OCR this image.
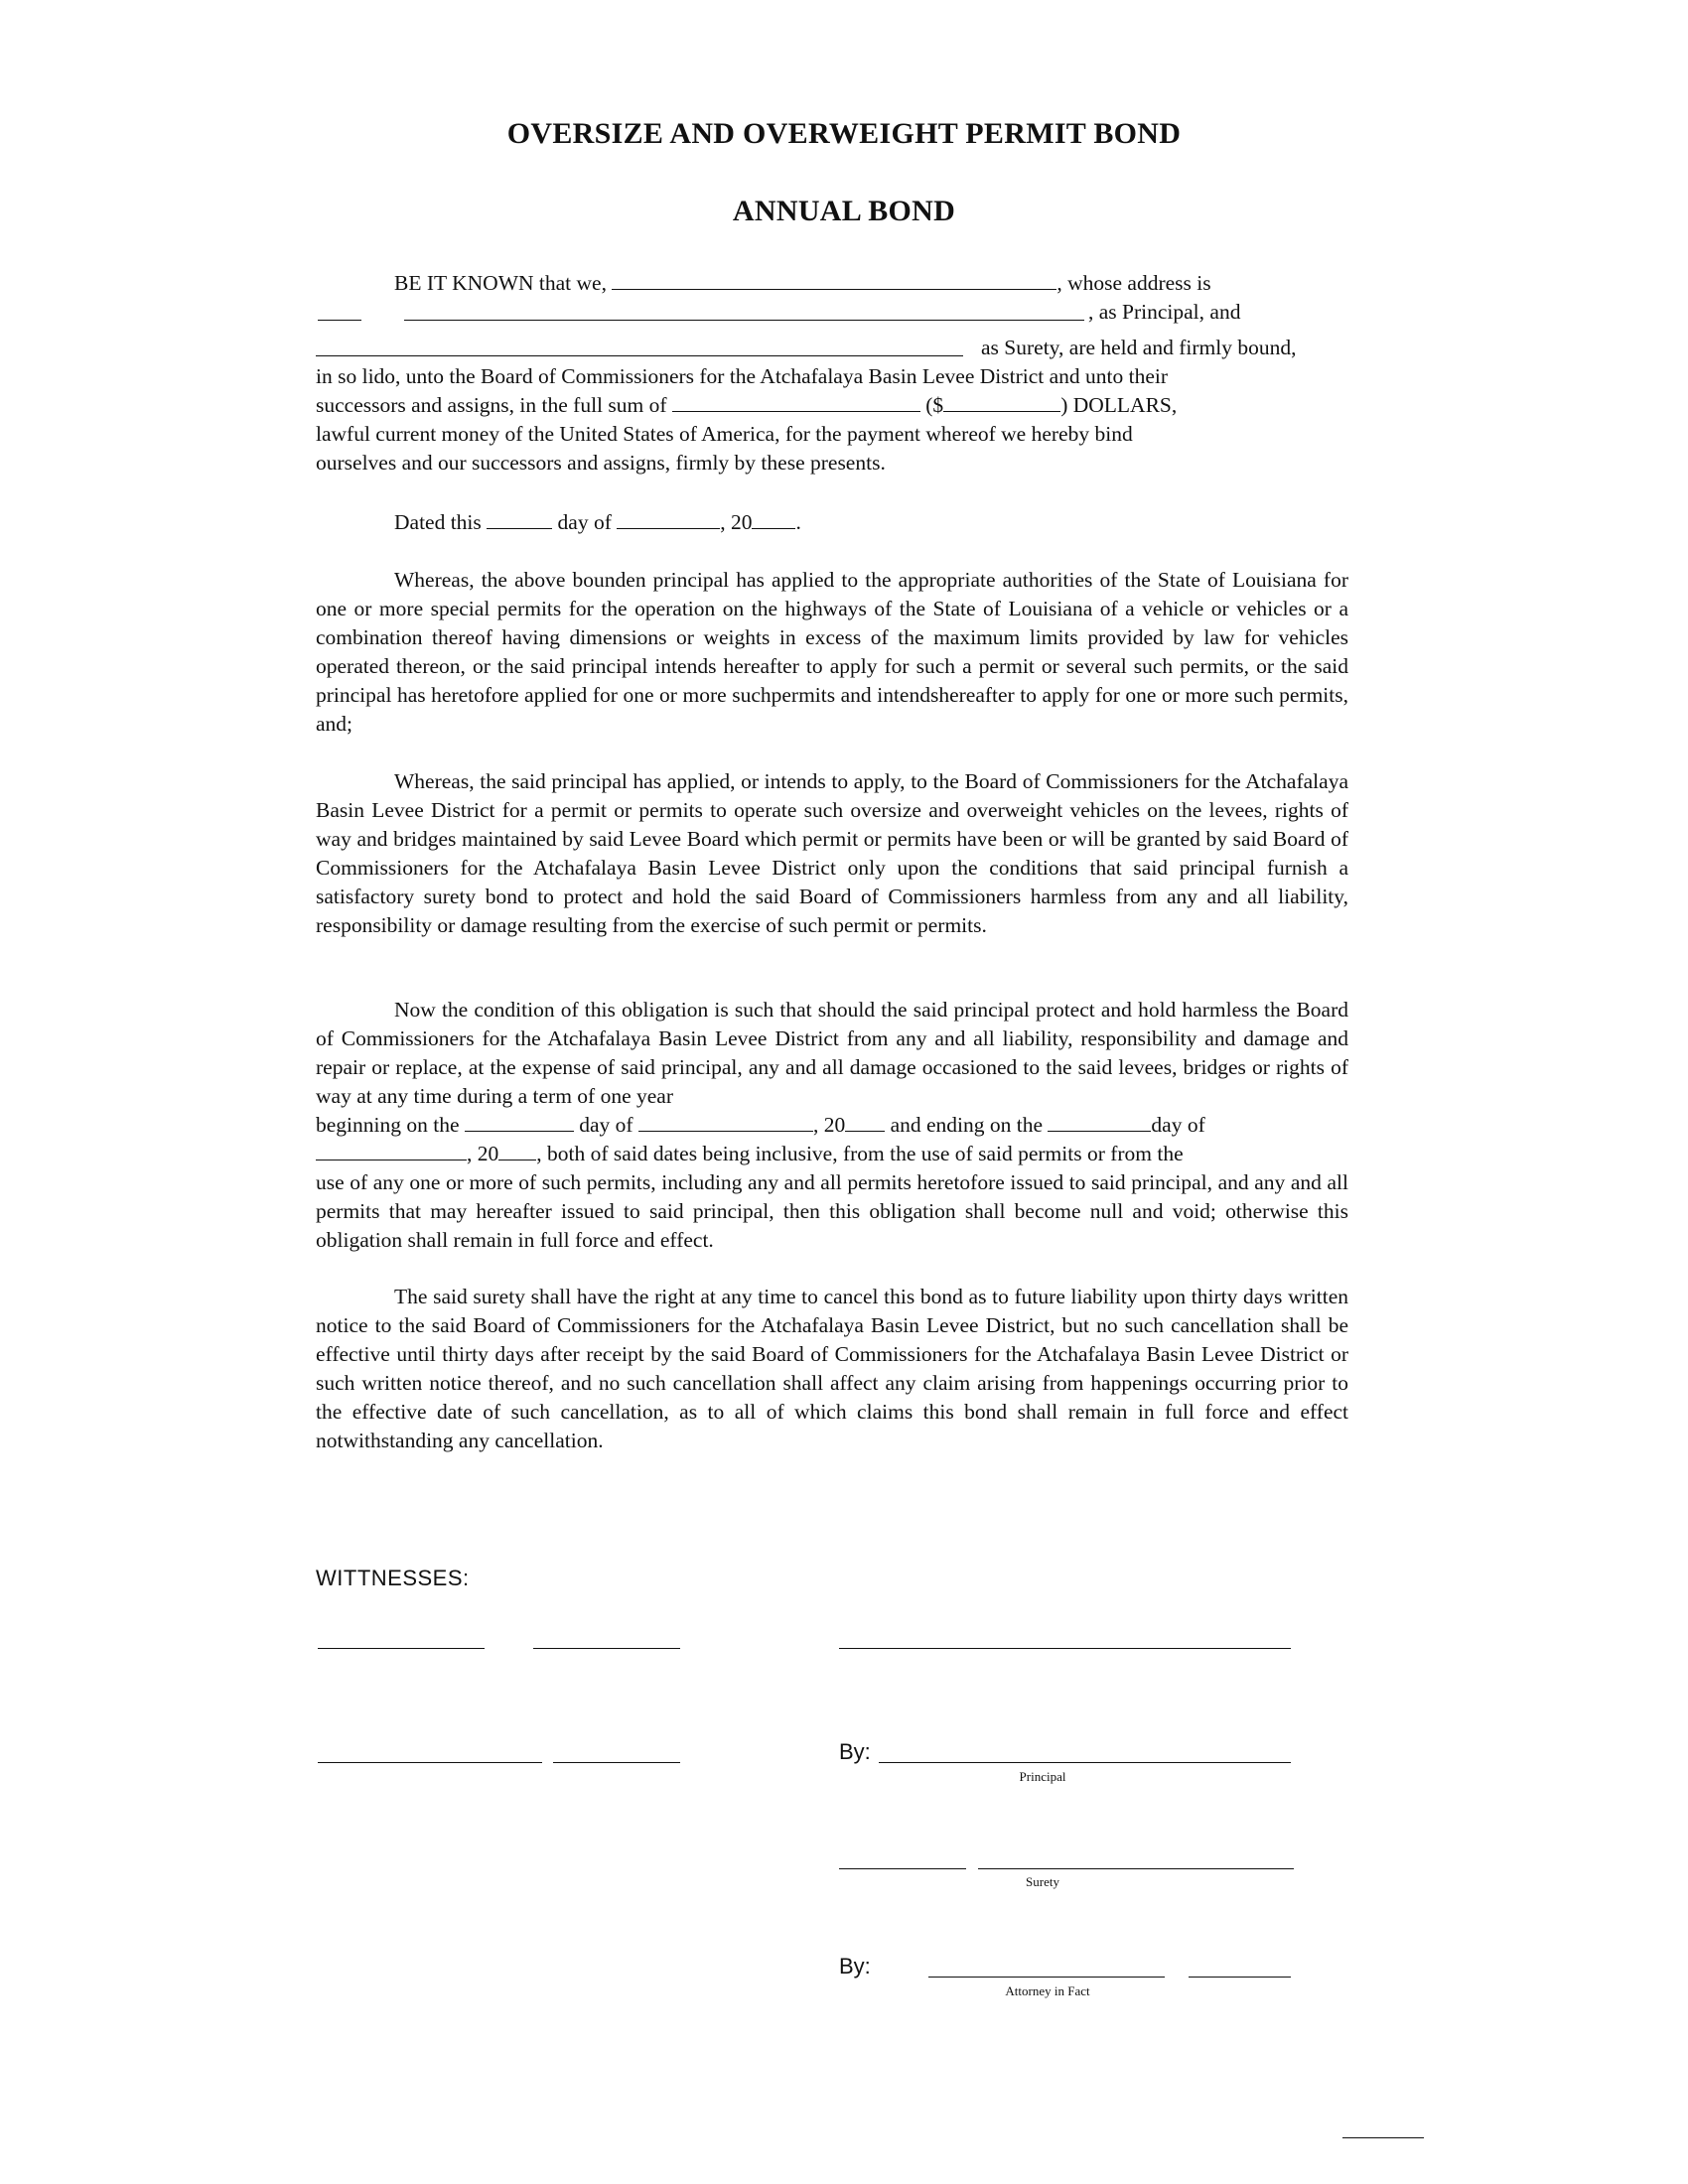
OVERSIZE AND OVERWEIGHT PERMIT BOND
ANNUAL BOND
BE IT KNOWN that we,	, whose address is
, as Principal, and
as Surety, are held and firmly bound,
in so lido, unto the Board of Commissioners for the Atchafalaya Basin Levee District and unto their
successors and assigns, in the full sum of	($	) DOLLARS,
lawful current money of the United States of America, for the payment whereof we hereby bind
ourselves and our successors and assigns, firmly by these presents.
Dated this	day of	, 20 .
Whereas, the above bounden principal has applied to the appropriate authorities of the State of Louisiana for one or more special permits for the operation on the highways of the State of Louisiana of a vehicle or vehicles or a combination thereof having dimensions or weights in excess of the maximum limits provided by law for vehicles operated thereon, or the said principal intends hereafter to apply for such a permit or several such permits, or the said principal has heretofore applied for one or more suchpermits and intendshereafter to apply for one or more such permits, and;
Whereas, the said principal has applied, or intends to apply, to the Board of Commissioners for the Atchafalaya Basin Levee District for a permit or permits to operate such oversize and overweight vehicles on the levees, rights of way and bridges maintained by said Levee Board which permit or permits have been or will be granted by said Board of Commissioners for the Atchafalaya Basin Levee District only upon the conditions that said principal furnish a satisfactory surety bond to protect and hold the said Board of Commissioners harmless from any and all liability, responsibility or damage resulting from the exercise of such permit or permits.
Now the condition of this obligation is such that should the said principal protect and hold harmless the Board of Commissioners for the Atchafalaya Basin Levee District from any and all liability, responsibility and damage and repair or replace, at the expense of said principal, any and all damage occasioned to the said levees, bridges or rights of way at any time during a term of one year
beginning on the	day of	, 20 and ending on the	day of
, 20 , both of said dates being inclusive, from the use of said permits or from the
use of any one or more of such permits, including any and all permits heretofore issued to said principal, and any and all permits that may hereafter issued to said principal, then this obligation shall become null and void; otherwise this obligation shall remain in full force and effect.
The said surety shall have the right at any time to cancel this bond as to future liability upon thirty days written notice to the said Board of Commissioners for the Atchafalaya Basin Levee District, but no such cancellation shall be effective until thirty days after receipt by the said Board of Commissioners for the Atchafalaya Basin Levee District or such written notice thereof, and no such cancellation shall affect any claim arising from happenings occurring prior to the effective date of such cancellation, as to all of which claims this bond shall remain in full force and effect notwithstanding any cancellation.
WITTNESSES:
By:
Principal
Surety
By:
Attorney in Fact
